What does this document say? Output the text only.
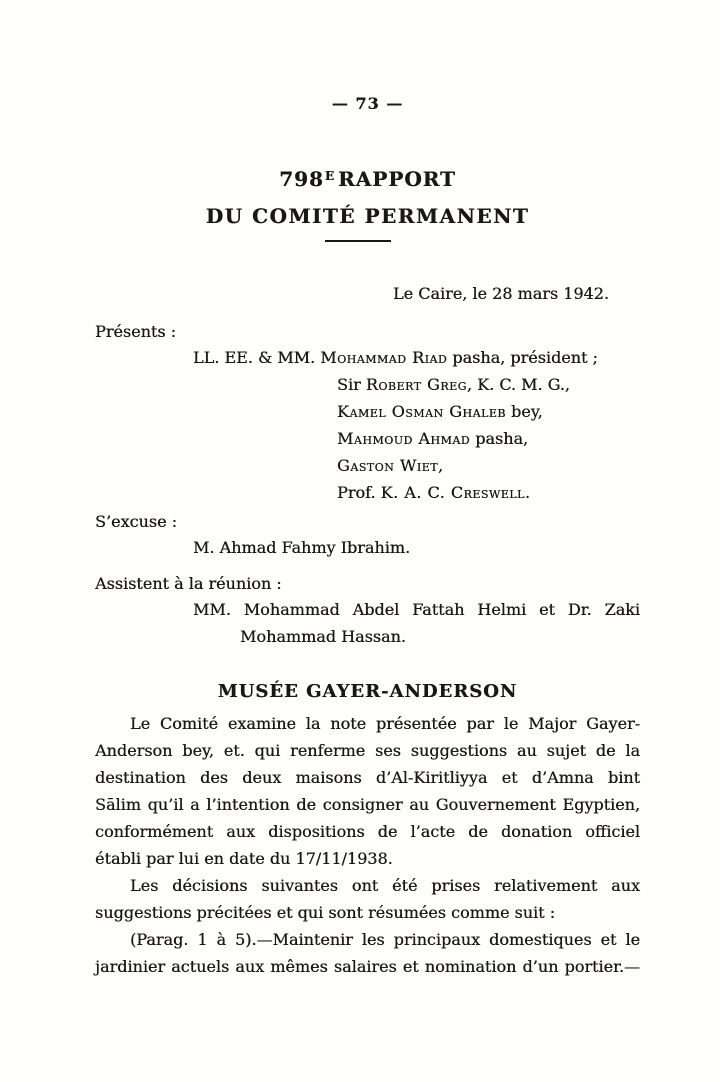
— 73 —
$798^E$ RAPPORT
DU COMITÉ PERMANENT
Le Caire, le 28 mars 1942.
Présents :
LL. EE. & MM. Mohammad Riad pasha, président ;
Sir Robert Greg, K. C. M. G.,
Kamel Osman Ghaleb bey,
Mahmoud Ahmad pasha,
Gaston Wiet,
Prof. K. A. C. Creswell.
S’excuse :
M. Ahmad Fahmy Ibrahim.
Assistent à la réunion :
MM. Mohammad Abdel Fattah Helmi et Dr. Zaki
Mohammad Hassan.
MUSÉE GAYER-ANDERSON
Le Comité examine la note présentée par le Major Gayer-
Anderson bey, et. qui renferme ses suggestions au sujet de la
destination des deux maisons d’Al-Kiritliyya et d’Amna bint
Sālim qu’il a l’intention de consigner au Gouvernement Egyptien,
conformément aux dispositions de l’acte de donation officiel
établi par lui en date du 17/11/1938.
Les décisions suivantes ont été prises relativement aux
suggestions précitées et qui sont résumées comme suit :
(Parag. 1 à 5).—Maintenir les principaux domestiques et le
jardinier actuels aux mêmes salaires et nomination d’un portier.—
